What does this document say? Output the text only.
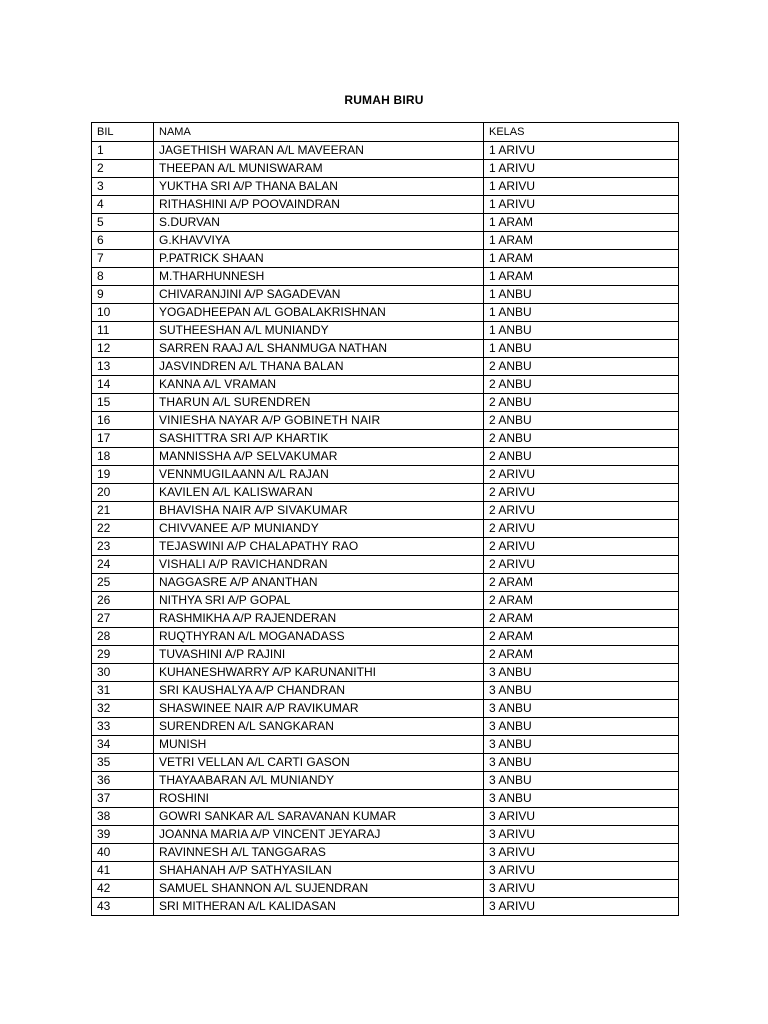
RUMAH BIRU
BIL	NAMA	KELAS
1	JAGETHISH WARAN A/L MAVEERAN	1 ARIVU
2	THEEPAN A/L MUNISWARAM	1 ARIVU
3	YUKTHA SRI A/P THANA BALAN	1 ARIVU
4	RITHASHINI A/P POOVAINDRAN	1 ARIVU
5	S.DURVAN	1 ARAM
6	G.KHAVVIYA	1 ARAM
7	P.PATRICK SHAAN	1 ARAM
8	M.THARHUNNESH	1 ARAM
9	CHIVARANJINI A/P SAGADEVAN	1 ANBU
10	YOGADHEEPAN A/L GOBALAKRISHNAN	1 ANBU
11	SUTHEESHAN A/L MUNIANDY	1 ANBU
12	SARREN RAAJ A/L SHANMUGA NATHAN	1 ANBU
13	JASVINDREN A/L THANA BALAN	2 ANBU
14	KANNA A/L VRAMAN	2 ANBU
15	THARUN A/L SURENDREN	2 ANBU
16	VINIESHA NAYAR A/P GOBINETH NAIR	2 ANBU
17	SASHITTRA SRI A/P KHARTIK	2 ANBU
18	MANNISSHA A/P SELVAKUMAR	2 ANBU
19	VENNMUGILAANN A/L RAJAN	2 ARIVU
20	KAVILEN A/L KALISWARAN	2 ARIVU
21	BHAVISHA NAIR A/P SIVAKUMAR	2 ARIVU
22	CHIVVANEE A/P MUNIANDY	2 ARIVU
23	TEJASWINI A/P CHALAPATHY RAO	2 ARIVU
24	VISHALI A/P RAVICHANDRAN	2 ARIVU
25	NAGGASRE A/P ANANTHAN	2 ARAM
26	NITHYA SRI A/P GOPAL	2 ARAM
27	RASHMIKHA A/P RAJENDERAN	2 ARAM
28	RUQTHYRAN A/L MOGANADASS	2 ARAM
29	TUVASHINI A/P RAJINI	2 ARAM
30	KUHANESHWARRY A/P KARUNANITHI	3 ANBU
31	SRI KAUSHALYA A/P CHANDRAN	3 ANBU
32	SHASWINEE NAIR A/P RAVIKUMAR	3 ANBU
33	SURENDREN A/L SANGKARAN	3 ANBU
34	MUNISH	3 ANBU
35	VETRI VELLAN A/L CARTI GASON	3 ANBU
36	THAYAABARAN A/L MUNIANDY	3 ANBU
37	ROSHINI	3 ANBU
38	GOWRI SANKAR A/L SARAVANAN KUMAR	3 ARIVU
39	JOANNA MARIA A/P VINCENT JEYARAJ	3 ARIVU
40	RAVINNESH A/L TANGGARAS	3 ARIVU
41	SHAHANAH A/P SATHYASILAN	3 ARIVU
42	SAMUEL SHANNON A/L SUJENDRAN	3 ARIVU
43	SRI MITHERAN A/L KALIDASAN	3 ARIVU
